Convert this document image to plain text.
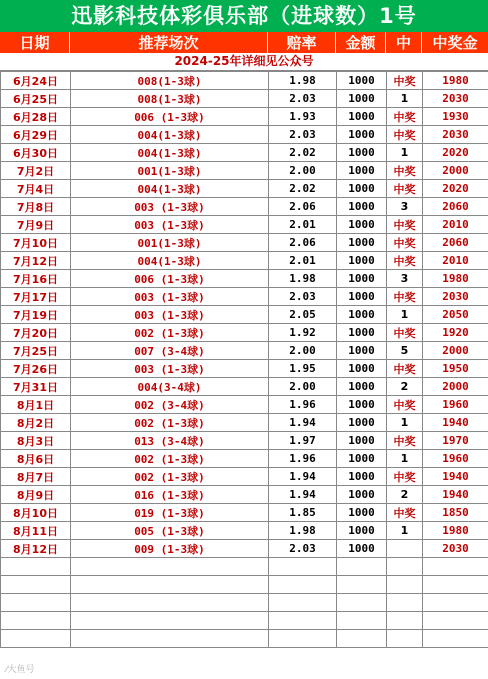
迅影科技体彩俱乐部（进球数）1号
日期	推荐场次	赔率	金额	中	中奖金
2024-25年详细见公众号
6月24日	008(1-3球)	1.98	1000	中奖	1980
6月25日	008(1-3球)	2.03	1000	1	2030
6月28日	006 (1-3球)	1.93	1000	中奖	1930
6月29日	004(1-3球)	2.03	1000	中奖	2030
6月30日	004(1-3球)	2.02	1000	1	2020
7月2日	001(1-3球)	2.00	1000	中奖	2000
7月4日	004(1-3球)	2.02	1000	中奖	2020
7月8日	003 (1-3球)	2.06	1000	3	2060
7月9日	003 (1-3球)	2.01	1000	中奖	2010
7月10日	001(1-3球)	2.06	1000	中奖	2060
7月12日	004(1-3球)	2.01	1000	中奖	2010
7月16日	006 (1-3球)	1.98	1000	3	1980
7月17日	003 (1-3球)	2.03	1000	中奖	2030
7月19日	003 (1-3球)	2.05	1000	1	2050
7月20日	002 (1-3球)	1.92	1000	中奖	1920
7月25日	007 (3-4球)	2.00	1000	5	2000
7月26日	003 (1-3球)	1.95	1000	中奖	1950
7月31日	004(3-4球)	2.00	1000	2	2000
8月1日	002 (3-4球)	1.96	1000	中奖	1960
8月2日	002 (1-3球)	1.94	1000	1	1940
8月3日	013 (3-4球)	1.97	1000	中奖	1970
8月6日	002 (1-3球)	1.96	1000	1	1960
8月7日	002 (1-3球)	1.94	1000	中奖	1940
8月9日	016 (1-3球)	1.94	1000	2	1940
8月10日	019 (1-3球)	1.85	1000	中奖	1850
8月11日	005 (1-3球)	1.98	1000	1	1980
8月12日	009 (1-3球)	2.03	1000		2030

⁄大鱼号
